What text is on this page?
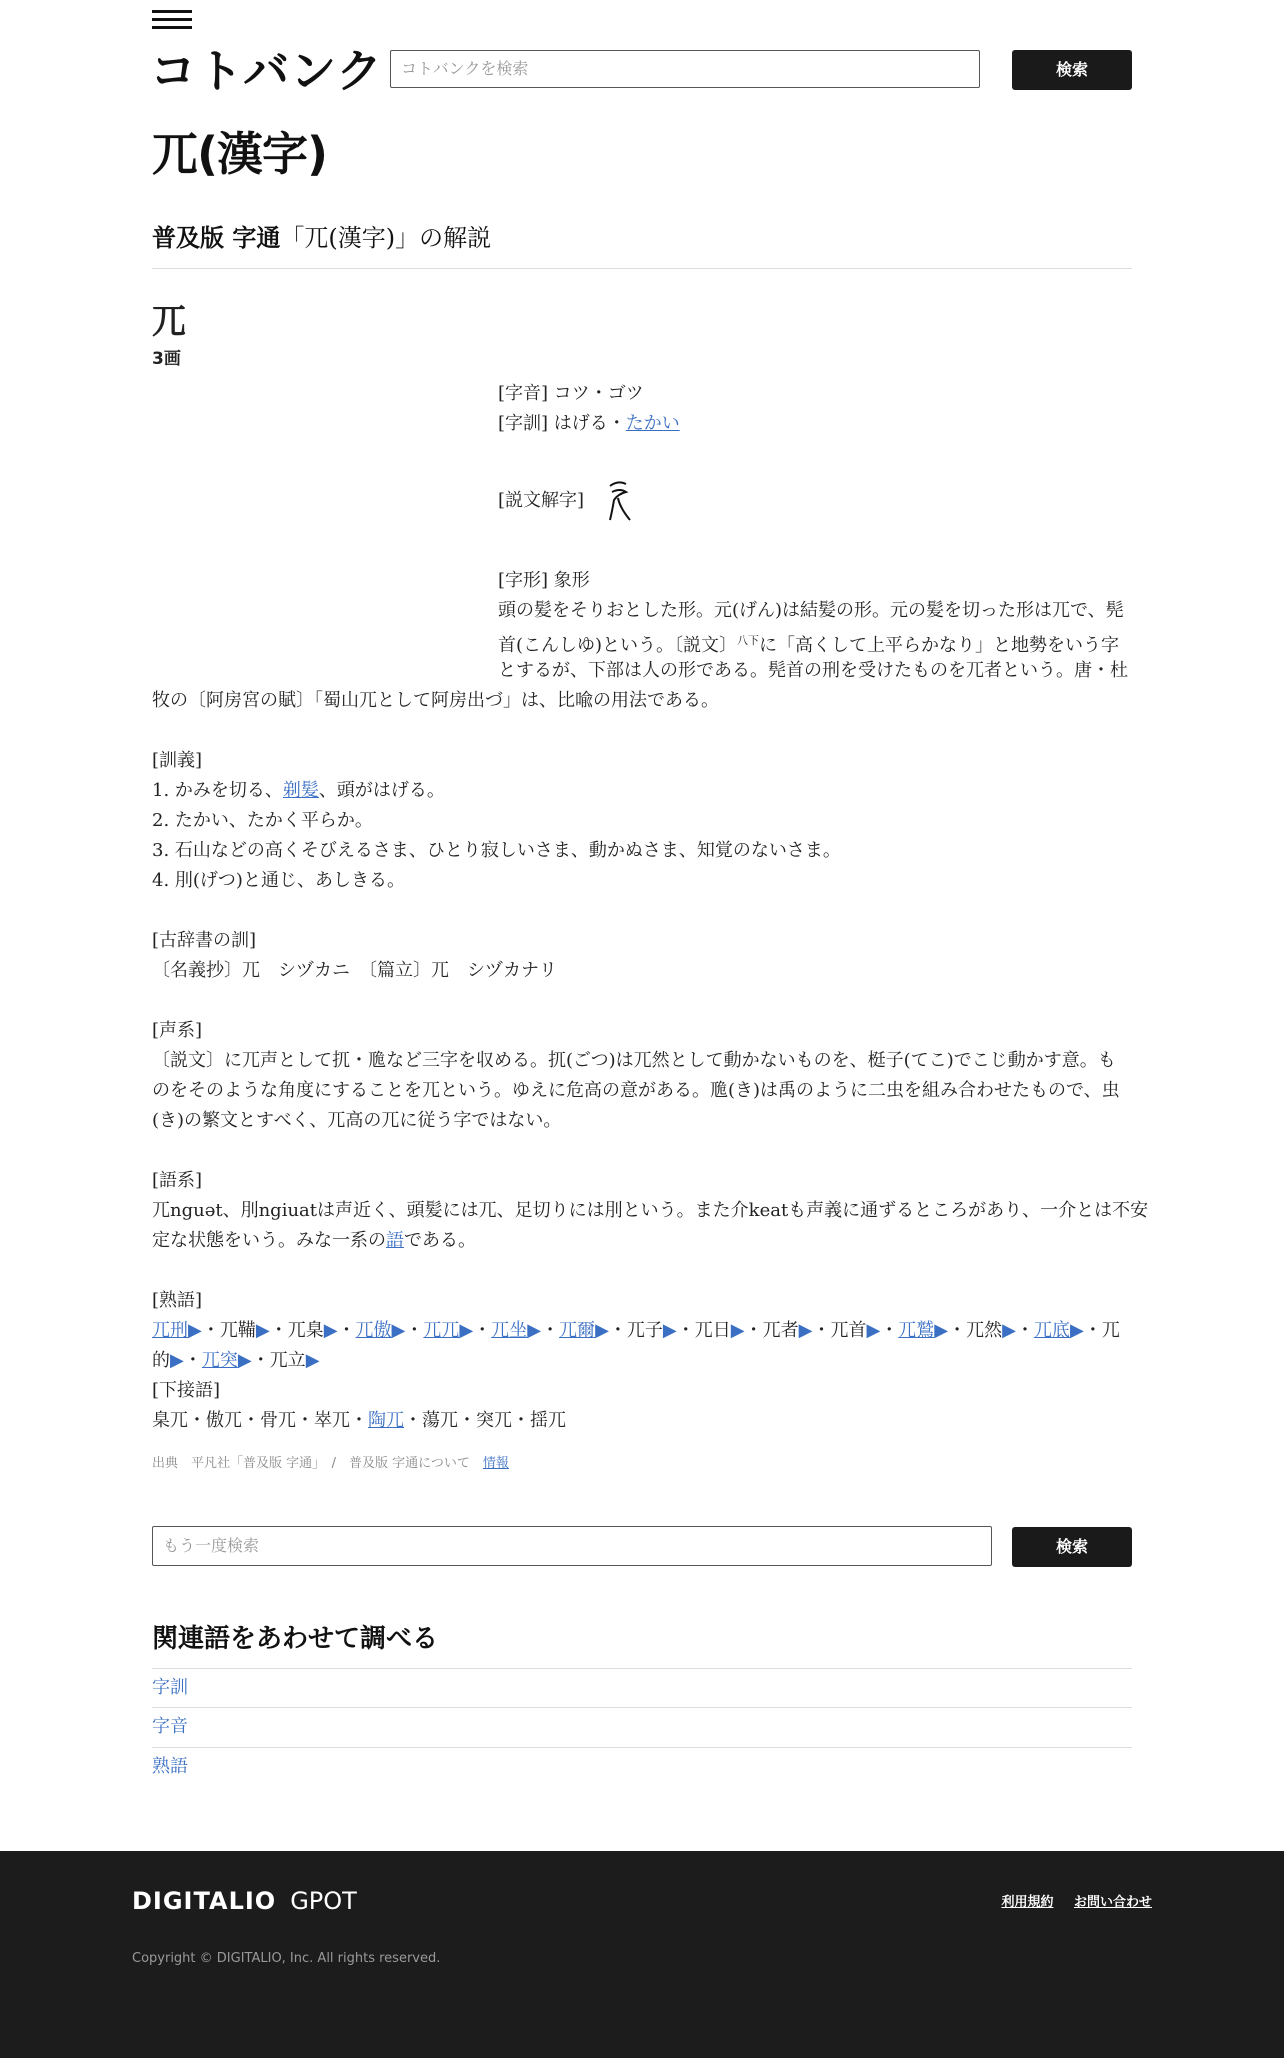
コトバンク	コトバンクを検索	検索
兀(漢字)
普及版 字通「兀(漢字)」の解説
兀
3画
[字音] コツ・ゴツ
[字訓] はげる・たかい
[説文解字]
[字形] 象形
頭の髪をそりおとした形。元(げん)は結髪の形。元の髪を切った形は兀で、髡
首(こんしゆ)という。〔説文〕$^{八下}$に「高くして上平らかなり」と地勢をいう字
とするが、下部は人の形である。髡首の刑を受けたものを兀者という。唐・杜
牧の〔阿房宮の賦〕「蜀山兀として阿房出づ」は、比喩の用法である。
[訓義]
1. かみを切る、剃髪、頭がはげる。
2. たかい、たかく平らか。
3. 石山などの高くそびえるさま、ひとり寂しいさま、動かぬさま、知覚のないさま。
4. 刖(げつ)と通じ、あしきる。
[古辞書の訓]
〔名義抄〕兀　シヅカニ　〔篇立〕兀　シヅカナリ
[声系]
〔説文〕に兀声として扤・卼など三字を収める。扤(ごつ)は兀然として動かないものを、梃子(てこ)でこじ動かす意。も
のをそのような角度にすることを兀という。ゆえに危高の意がある。卼(き)は禹のように二虫を組み合わせたもので、虫
(き)の繁文とすべく、兀高の兀に従う字ではない。
[語系]
兀nguət、刖ngiuatは声近く、頭髪には兀、足切りには刖という。また介keatも声義に通ずるところがあり、一介とは不安
定な状態をいう。みな一系の語である。
[熟語]
兀刑▶・兀鞴▶・兀臬▶・兀傲▶・兀兀▶・兀坐▶・兀爾▶・兀子▶・兀日▶・兀者▶・兀首▶・兀鷲▶・兀然▶・兀底▶・兀的▶・兀突▶・兀立▶
[下接語]
臬兀・傲兀・骨兀・崒兀・陶兀・蕩兀・突兀・揺兀
出典　平凡社「普及版 字通」　/　普及版 字通について　情報
もう一度検索	検索
関連語をあわせて調べる
字訓
字音
熟語
DIGITALIO GPOT	利用規約 お問い合わせ
Copyright © DIGITALIO, Inc. All rights reserved.
